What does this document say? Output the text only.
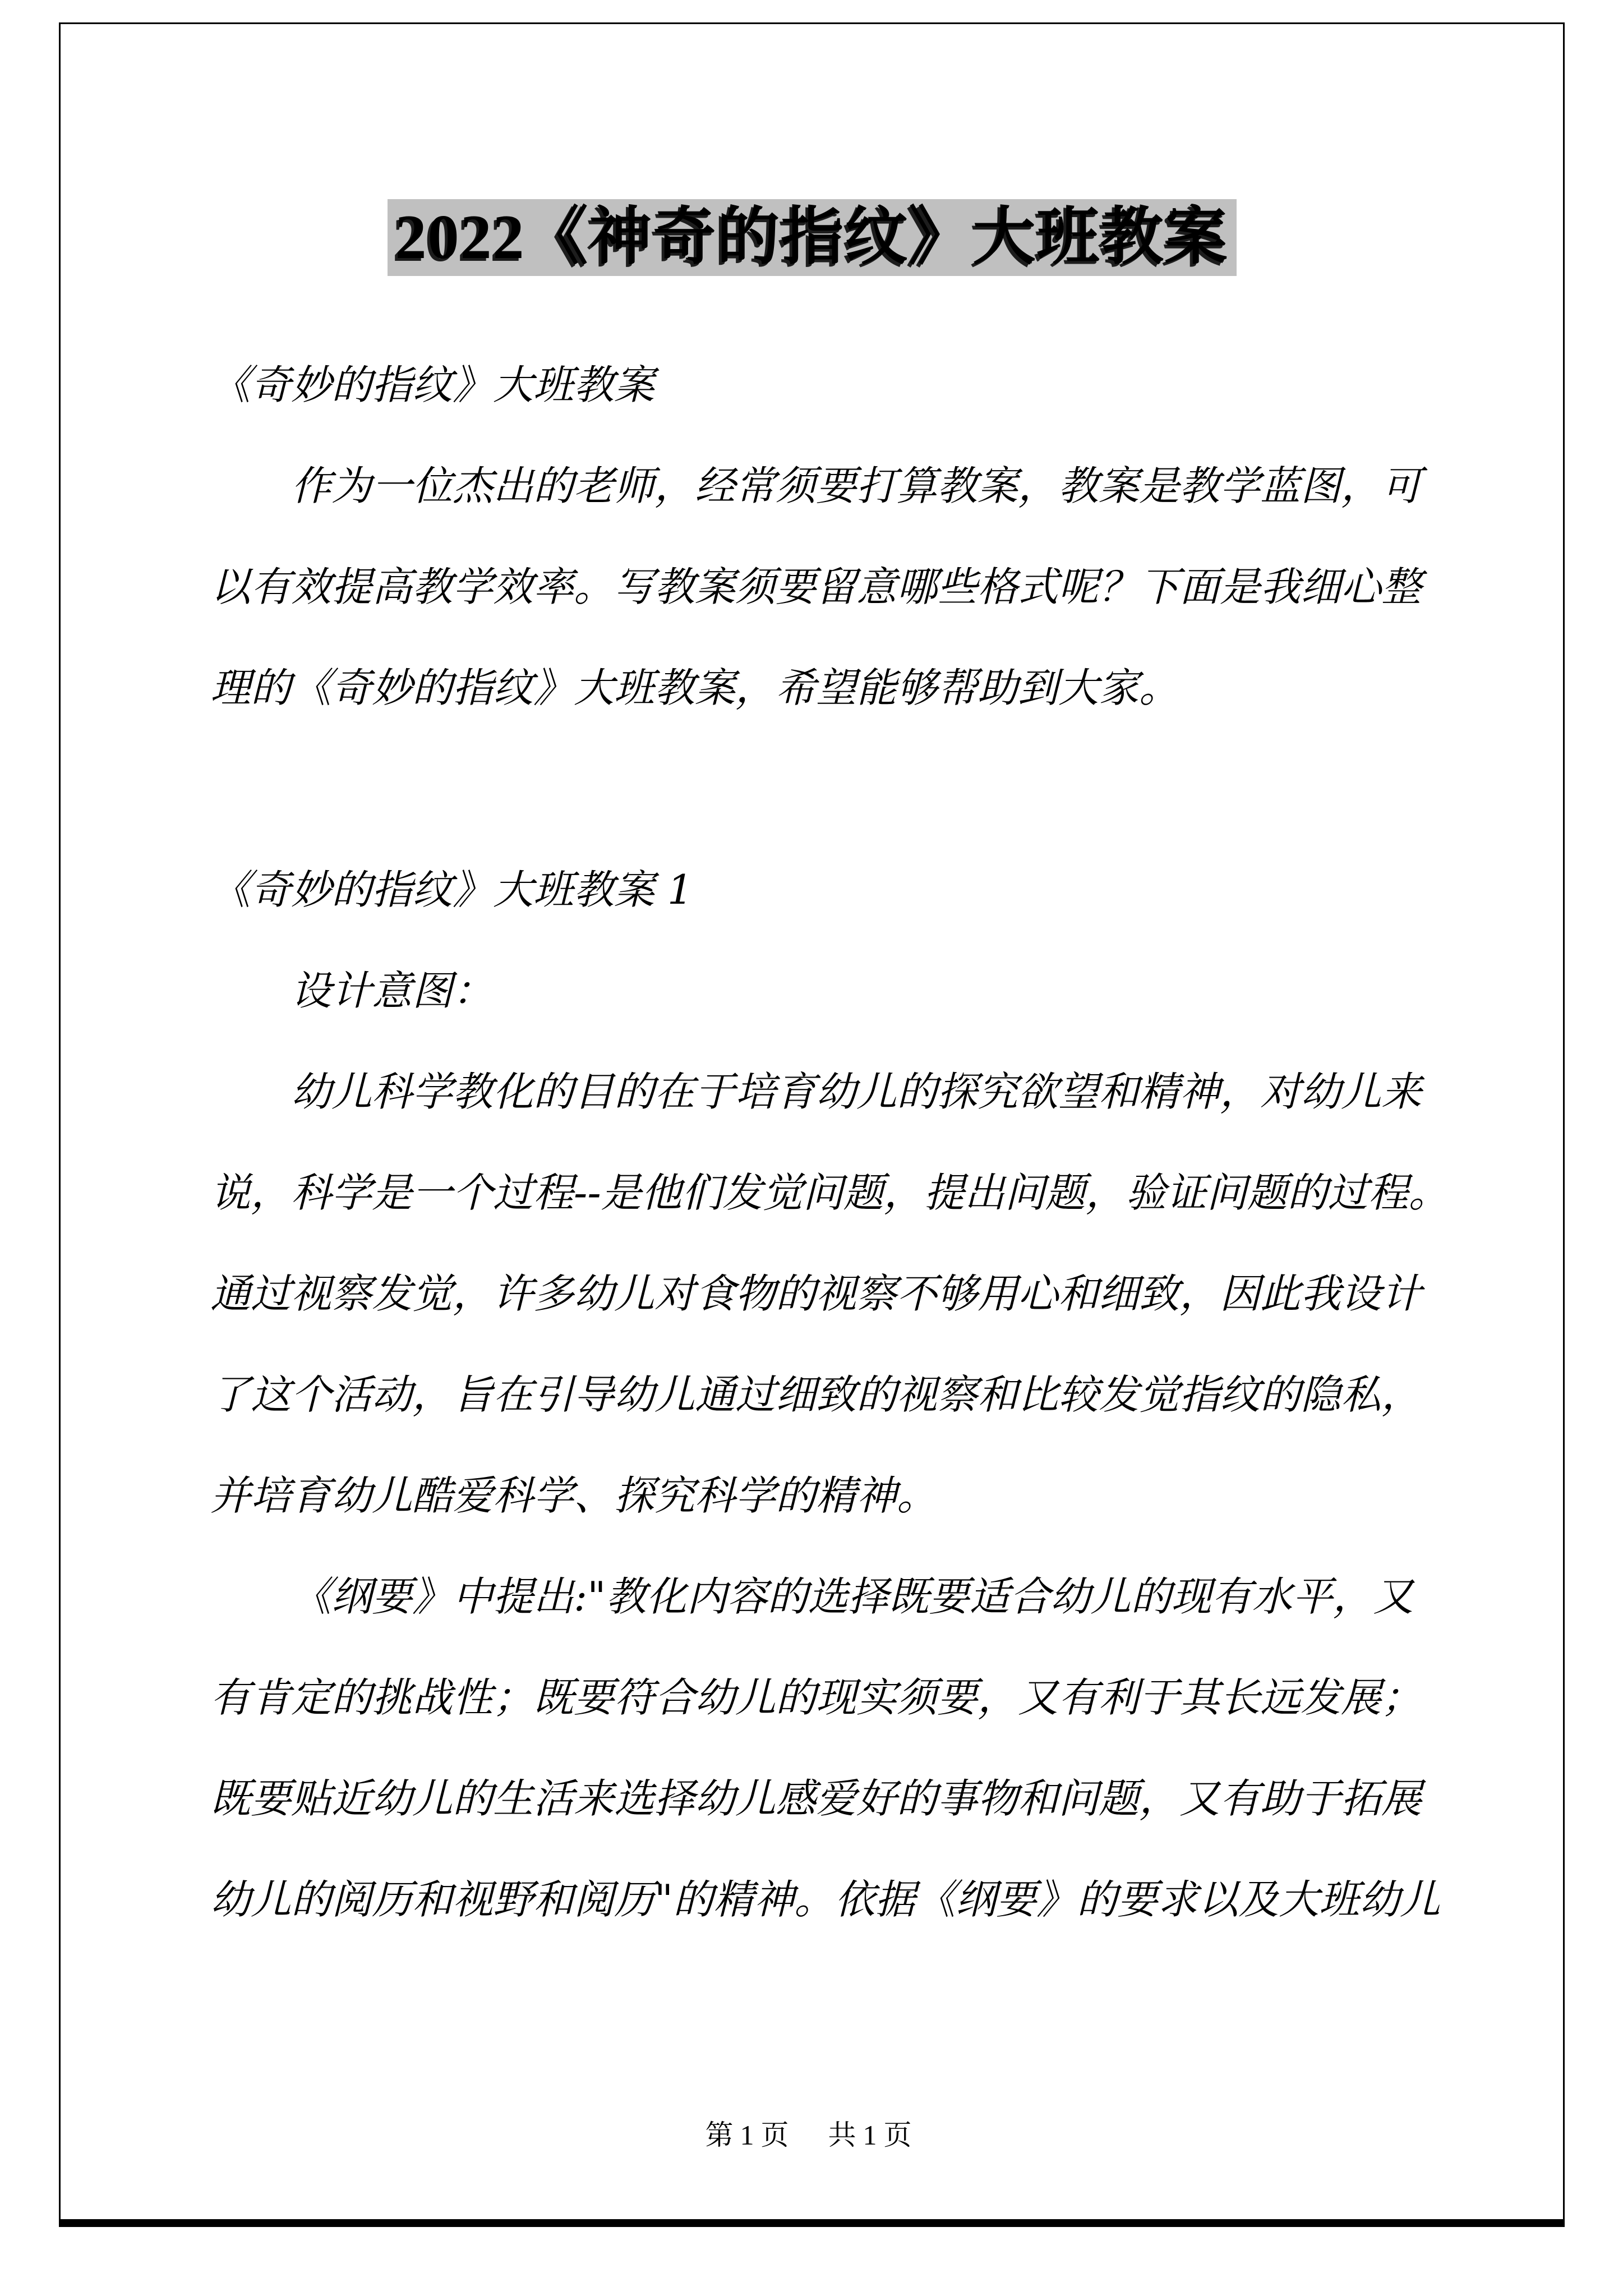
2022《神奇的指纹》大班教案
《奇妙的指纹》大班教案
作为一位杰出的老师，经常须要打算教案，教案是教学蓝图，可
以有效提高教学效率。写教案须要留意哪些格式呢？下面是我细心整
理的《奇妙的指纹》大班教案，希望能够帮助到大家。
《奇妙的指纹》大班教案 1
设计意图：
幼儿科学教化的目的在于培育幼儿的探究欲望和精神，对幼儿来
说，科学是一个过程--是他们发觉问题，提出问题，验证问题的过程。
通过视察发觉，许多幼儿对食物的视察不够用心和细致，因此我设计
了这个活动，旨在引导幼儿通过细致的视察和比较发觉指纹的隐私，
并培育幼儿酷爱科学、探究科学的精神。
《纲要》中提出:"教化内容的选择既要适合幼儿的现有水平，又
有肯定的挑战性；既要符合幼儿的现实须要，又有利于其长远发展；
既要贴近幼儿的生活来选择幼儿感爱好的事物和问题，又有助于拓展
幼儿的阅历和视野和阅历"的精神。依据《纲要》的要求以及大班幼儿
第1页 共1页
